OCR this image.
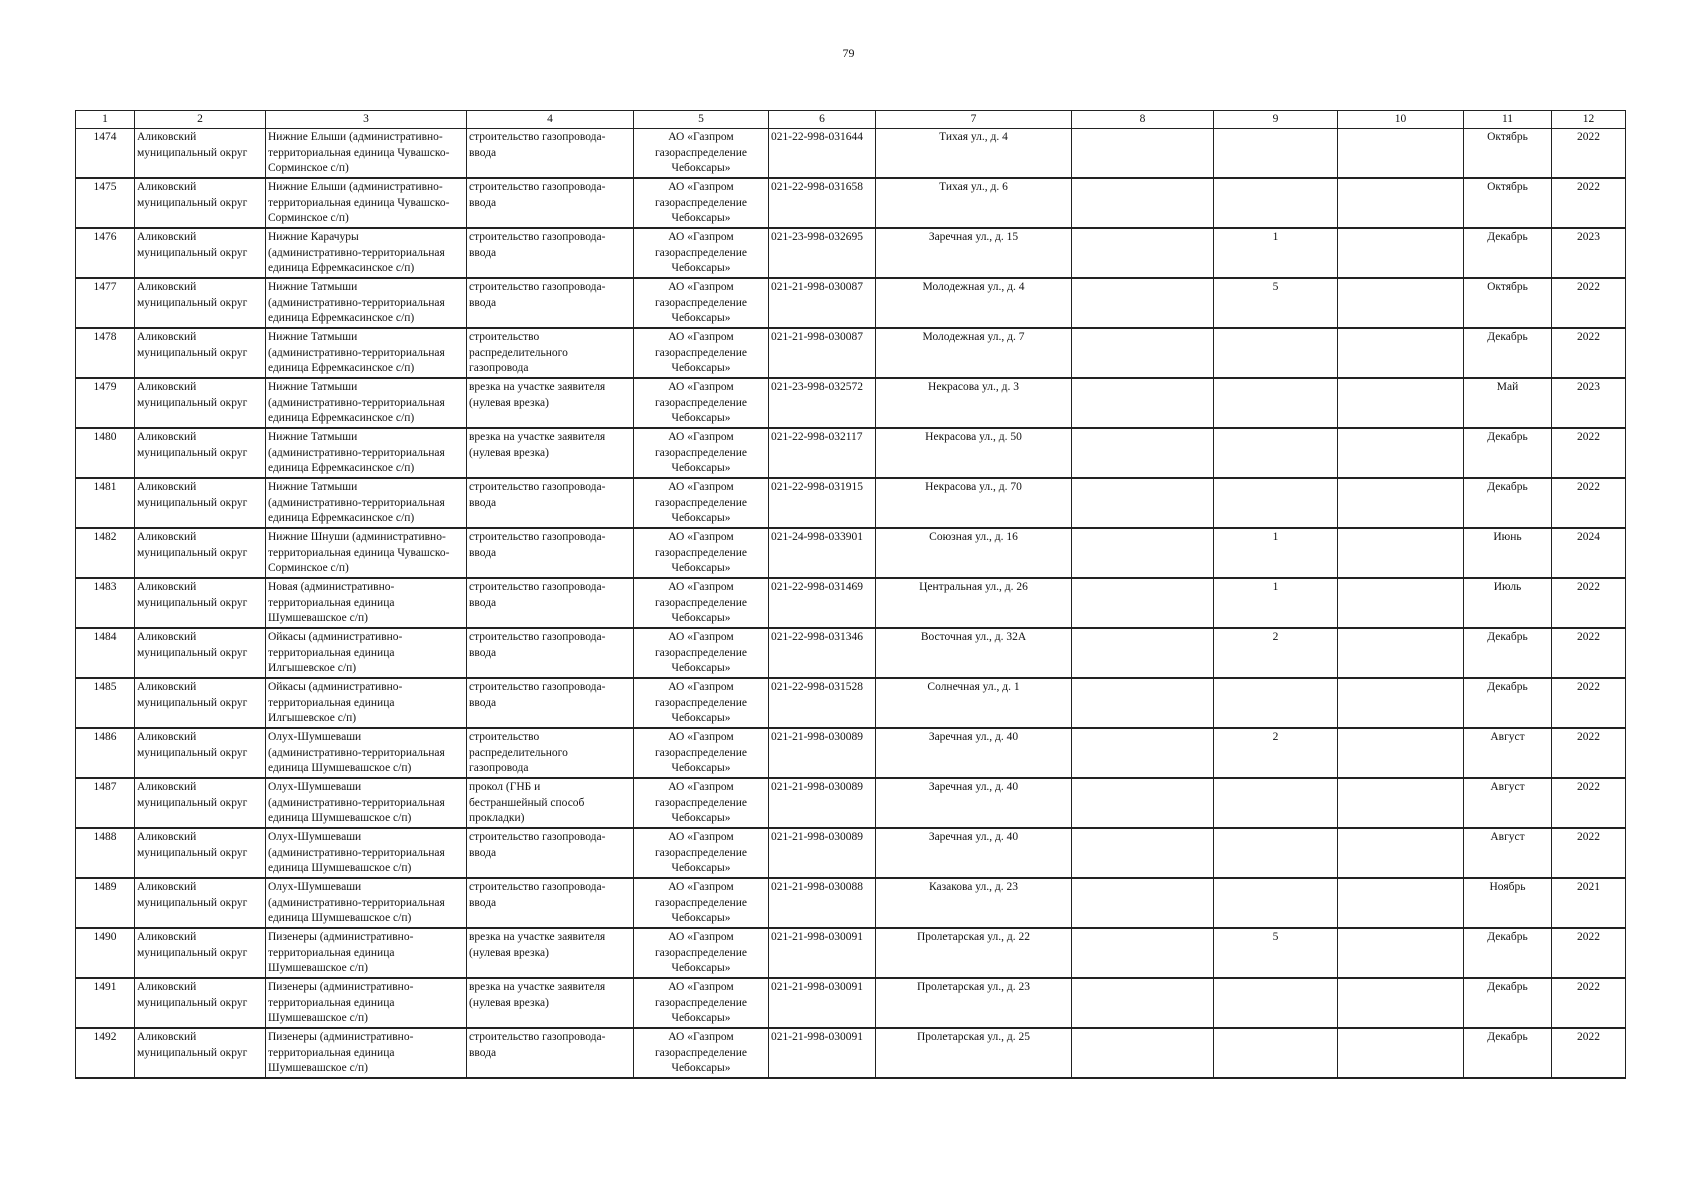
79
1	2	3	4	5	6	7	8	9	10	11	12
1474	Аликовский
муниципальный округ	Нижние Елыши (административно-
территориальная единица Чувашско-
Сорминское с/п)	строительство газопровода-
ввода	АО «Газпром
газораспределение
Чебоксары»	021-22-998-031644	Тихая ул., д. 4				Октябрь	2022
1475	Аликовский
муниципальный округ	Нижние Елыши (административно-
территориальная единица Чувашско-
Сорминское с/п)	строительство газопровода-
ввода	АО «Газпром
газораспределение
Чебоксары»	021-22-998-031658	Тихая ул., д. 6				Октябрь	2022
1476	Аликовский
муниципальный округ	Нижние Карачуры
(административно-территориальная
единица Ефремкасинское с/п)	строительство газопровода-
ввода	АО «Газпром
газораспределение
Чебоксары»	021-23-998-032695	Заречная ул., д. 15		1		Декабрь	2023
1477	Аликовский
муниципальный округ	Нижние Татмыши
(административно-территориальная
единица Ефремкасинское с/п)	строительство газопровода-
ввода	АО «Газпром
газораспределение
Чебоксары»	021-21-998-030087	Молодежная ул., д. 4		5		Октябрь	2022
1478	Аликовский
муниципальный округ	Нижние Татмыши
(административно-территориальная
единица Ефремкасинское с/п)	строительство
распределительного
газопровода	АО «Газпром
газораспределение
Чебоксары»	021-21-998-030087	Молодежная ул., д. 7				Декабрь	2022
1479	Аликовский
муниципальный округ	Нижние Татмыши
(административно-территориальная
единица Ефремкасинское с/п)	врезка на участке заявителя
(нулевая врезка)	АО «Газпром
газораспределение
Чебоксары»	021-23-998-032572	Некрасова ул., д. 3				Май	2023
1480	Аликовский
муниципальный округ	Нижние Татмыши
(административно-территориальная
единица Ефремкасинское с/п)	врезка на участке заявителя
(нулевая врезка)	АО «Газпром
газораспределение
Чебоксары»	021-22-998-032117	Некрасова ул., д. 50				Декабрь	2022
1481	Аликовский
муниципальный округ	Нижние Татмыши
(административно-территориальная
единица Ефремкасинское с/п)	строительство газопровода-
ввода	АО «Газпром
газораспределение
Чебоксары»	021-22-998-031915	Некрасова ул., д. 70				Декабрь	2022
1482	Аликовский
муниципальный округ	Нижние Шнуши (административно-
территориальная единица Чувашско-
Сорминское с/п)	строительство газопровода-
ввода	АО «Газпром
газораспределение
Чебоксары»	021-24-998-033901	Союзная ул., д. 16		1		Июнь	2024
1483	Аликовский
муниципальный округ	Новая (административно-
территориальная единица
Шумшевашское с/п)	строительство газопровода-
ввода	АО «Газпром
газораспределение
Чебоксары»	021-22-998-031469	Центральная ул., д. 26		1		Июль	2022
1484	Аликовский
муниципальный округ	Ойкасы (административно-
территориальная единица
Илгышевское с/п)	строительство газопровода-
ввода	АО «Газпром
газораспределение
Чебоксары»	021-22-998-031346	Восточная ул., д. 32А		2		Декабрь	2022
1485	Аликовский
муниципальный округ	Ойкасы (административно-
территориальная единица
Илгышевское с/п)	строительство газопровода-
ввода	АО «Газпром
газораспределение
Чебоксары»	021-22-998-031528	Солнечная ул., д. 1				Декабрь	2022
1486	Аликовский
муниципальный округ	Олух-Шумшеваши
(административно-территориальная
единица Шумшевашское с/п)	строительство
распределительного
газопровода	АО «Газпром
газораспределение
Чебоксары»	021-21-998-030089	Заречная ул., д. 40		2		Август	2022
1487	Аликовский
муниципальный округ	Олух-Шумшеваши
(административно-территориальная
единица Шумшевашское с/п)	прокол (ГНБ и
бестраншейный способ
прокладки)	АО «Газпром
газораспределение
Чебоксары»	021-21-998-030089	Заречная ул., д. 40				Август	2022
1488	Аликовский
муниципальный округ	Олух-Шумшеваши
(административно-территориальная
единица Шумшевашское с/п)	строительство газопровода-
ввода	АО «Газпром
газораспределение
Чебоксары»	021-21-998-030089	Заречная ул., д. 40				Август	2022
1489	Аликовский
муниципальный округ	Олух-Шумшеваши
(административно-территориальная
единица Шумшевашское с/п)	строительство газопровода-
ввода	АО «Газпром
газораспределение
Чебоксары»	021-21-998-030088	Казакова ул., д. 23				Ноябрь	2021
1490	Аликовский
муниципальный округ	Пизенеры (административно-
территориальная единица
Шумшевашское с/п)	врезка на участке заявителя
(нулевая врезка)	АО «Газпром
газораспределение
Чебоксары»	021-21-998-030091	Пролетарская ул., д. 22		5		Декабрь	2022
1491	Аликовский
муниципальный округ	Пизенеры (административно-
территориальная единица
Шумшевашское с/п)	врезка на участке заявителя
(нулевая врезка)	АО «Газпром
газораспределение
Чебоксары»	021-21-998-030091	Пролетарская ул., д. 23				Декабрь	2022
1492	Аликовский
муниципальный округ	Пизенеры (административно-
территориальная единица
Шумшевашское с/п)	строительство газопровода-
ввода	АО «Газпром
газораспределение
Чебоксары»	021-21-998-030091	Пролетарская ул., д. 25				Декабрь	2022
